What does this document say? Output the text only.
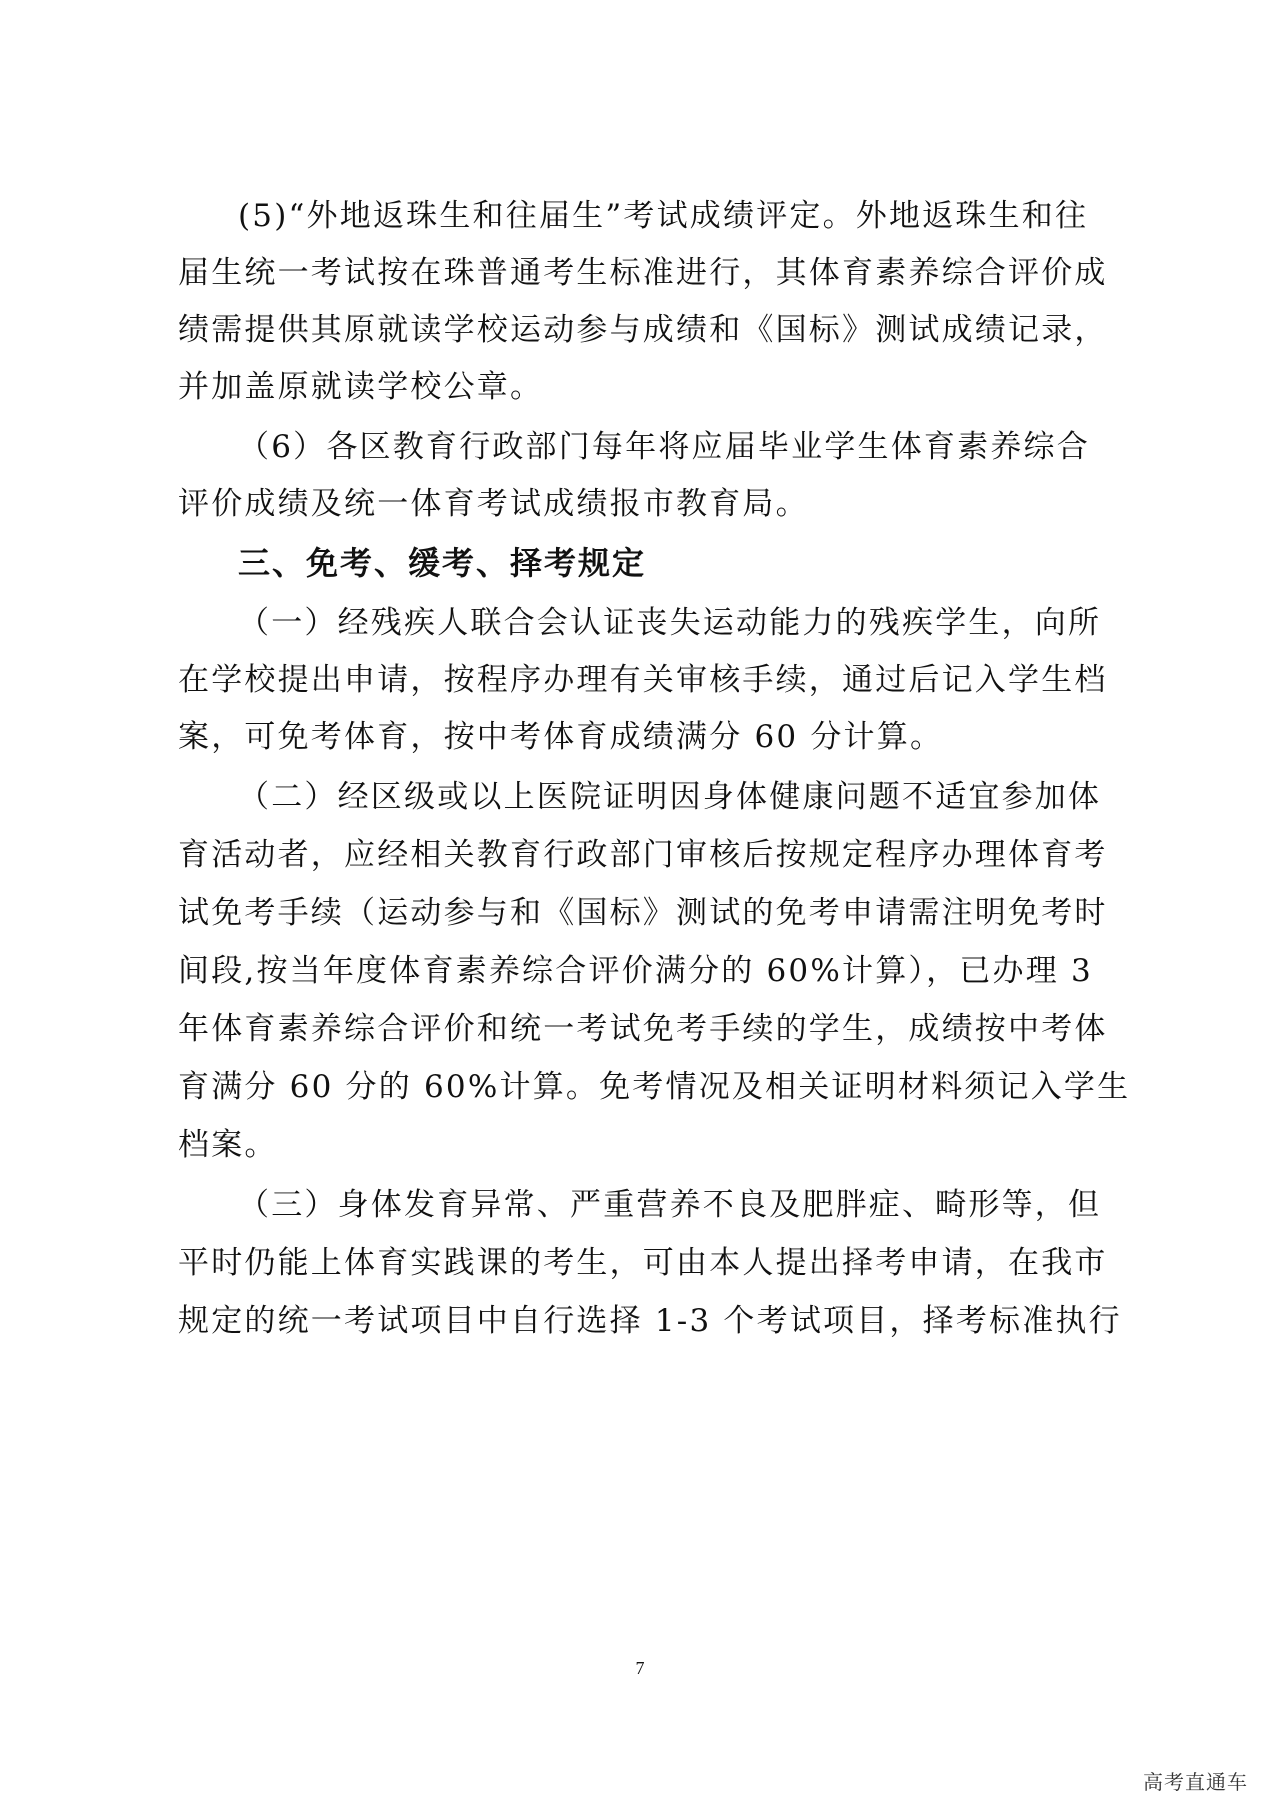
(5)“外地返珠生和往届生”考试成绩评定。外地返珠生和往
届生统一考试按在珠普通考生标准进行，其体育素养综合评价成
绩需提供其原就读学校运动参与成绩和《国标》测试成绩记录，
并加盖原就读学校公章。
（6）各区教育行政部门每年将应届毕业学生体育素养综合
评价成绩及统一体育考试成绩报市教育局。
三、免考、缓考、择考规定
（一）经残疾人联合会认证丧失运动能力的残疾学生，向所
在学校提出申请，按程序办理有关审核手续，通过后记入学生档
案，可免考体育，按中考体育成绩满分 60 分计算。
（二）经区级或以上医院证明因身体健康问题不适宜参加体
育活动者，应经相关教育行政部门审核后按规定程序办理体育考
试免考手续（运动参与和《国标》测试的免考申请需注明免考时
间段,按当年度体育素养综合评价满分的 60%计算），已办理 3
年体育素养综合评价和统一考试免考手续的学生，成绩按中考体
育满分 60 分的 60%计算。免考情况及相关证明材料须记入学生
档案。
（三）身体发育异常、严重营养不良及肥胖症、畸形等，但
平时仍能上体育实践课的考生，可由本人提出择考申请，在我市
规定的统一考试项目中自行选择 1-3 个考试项目，择考标准执行
7
高考直通车
